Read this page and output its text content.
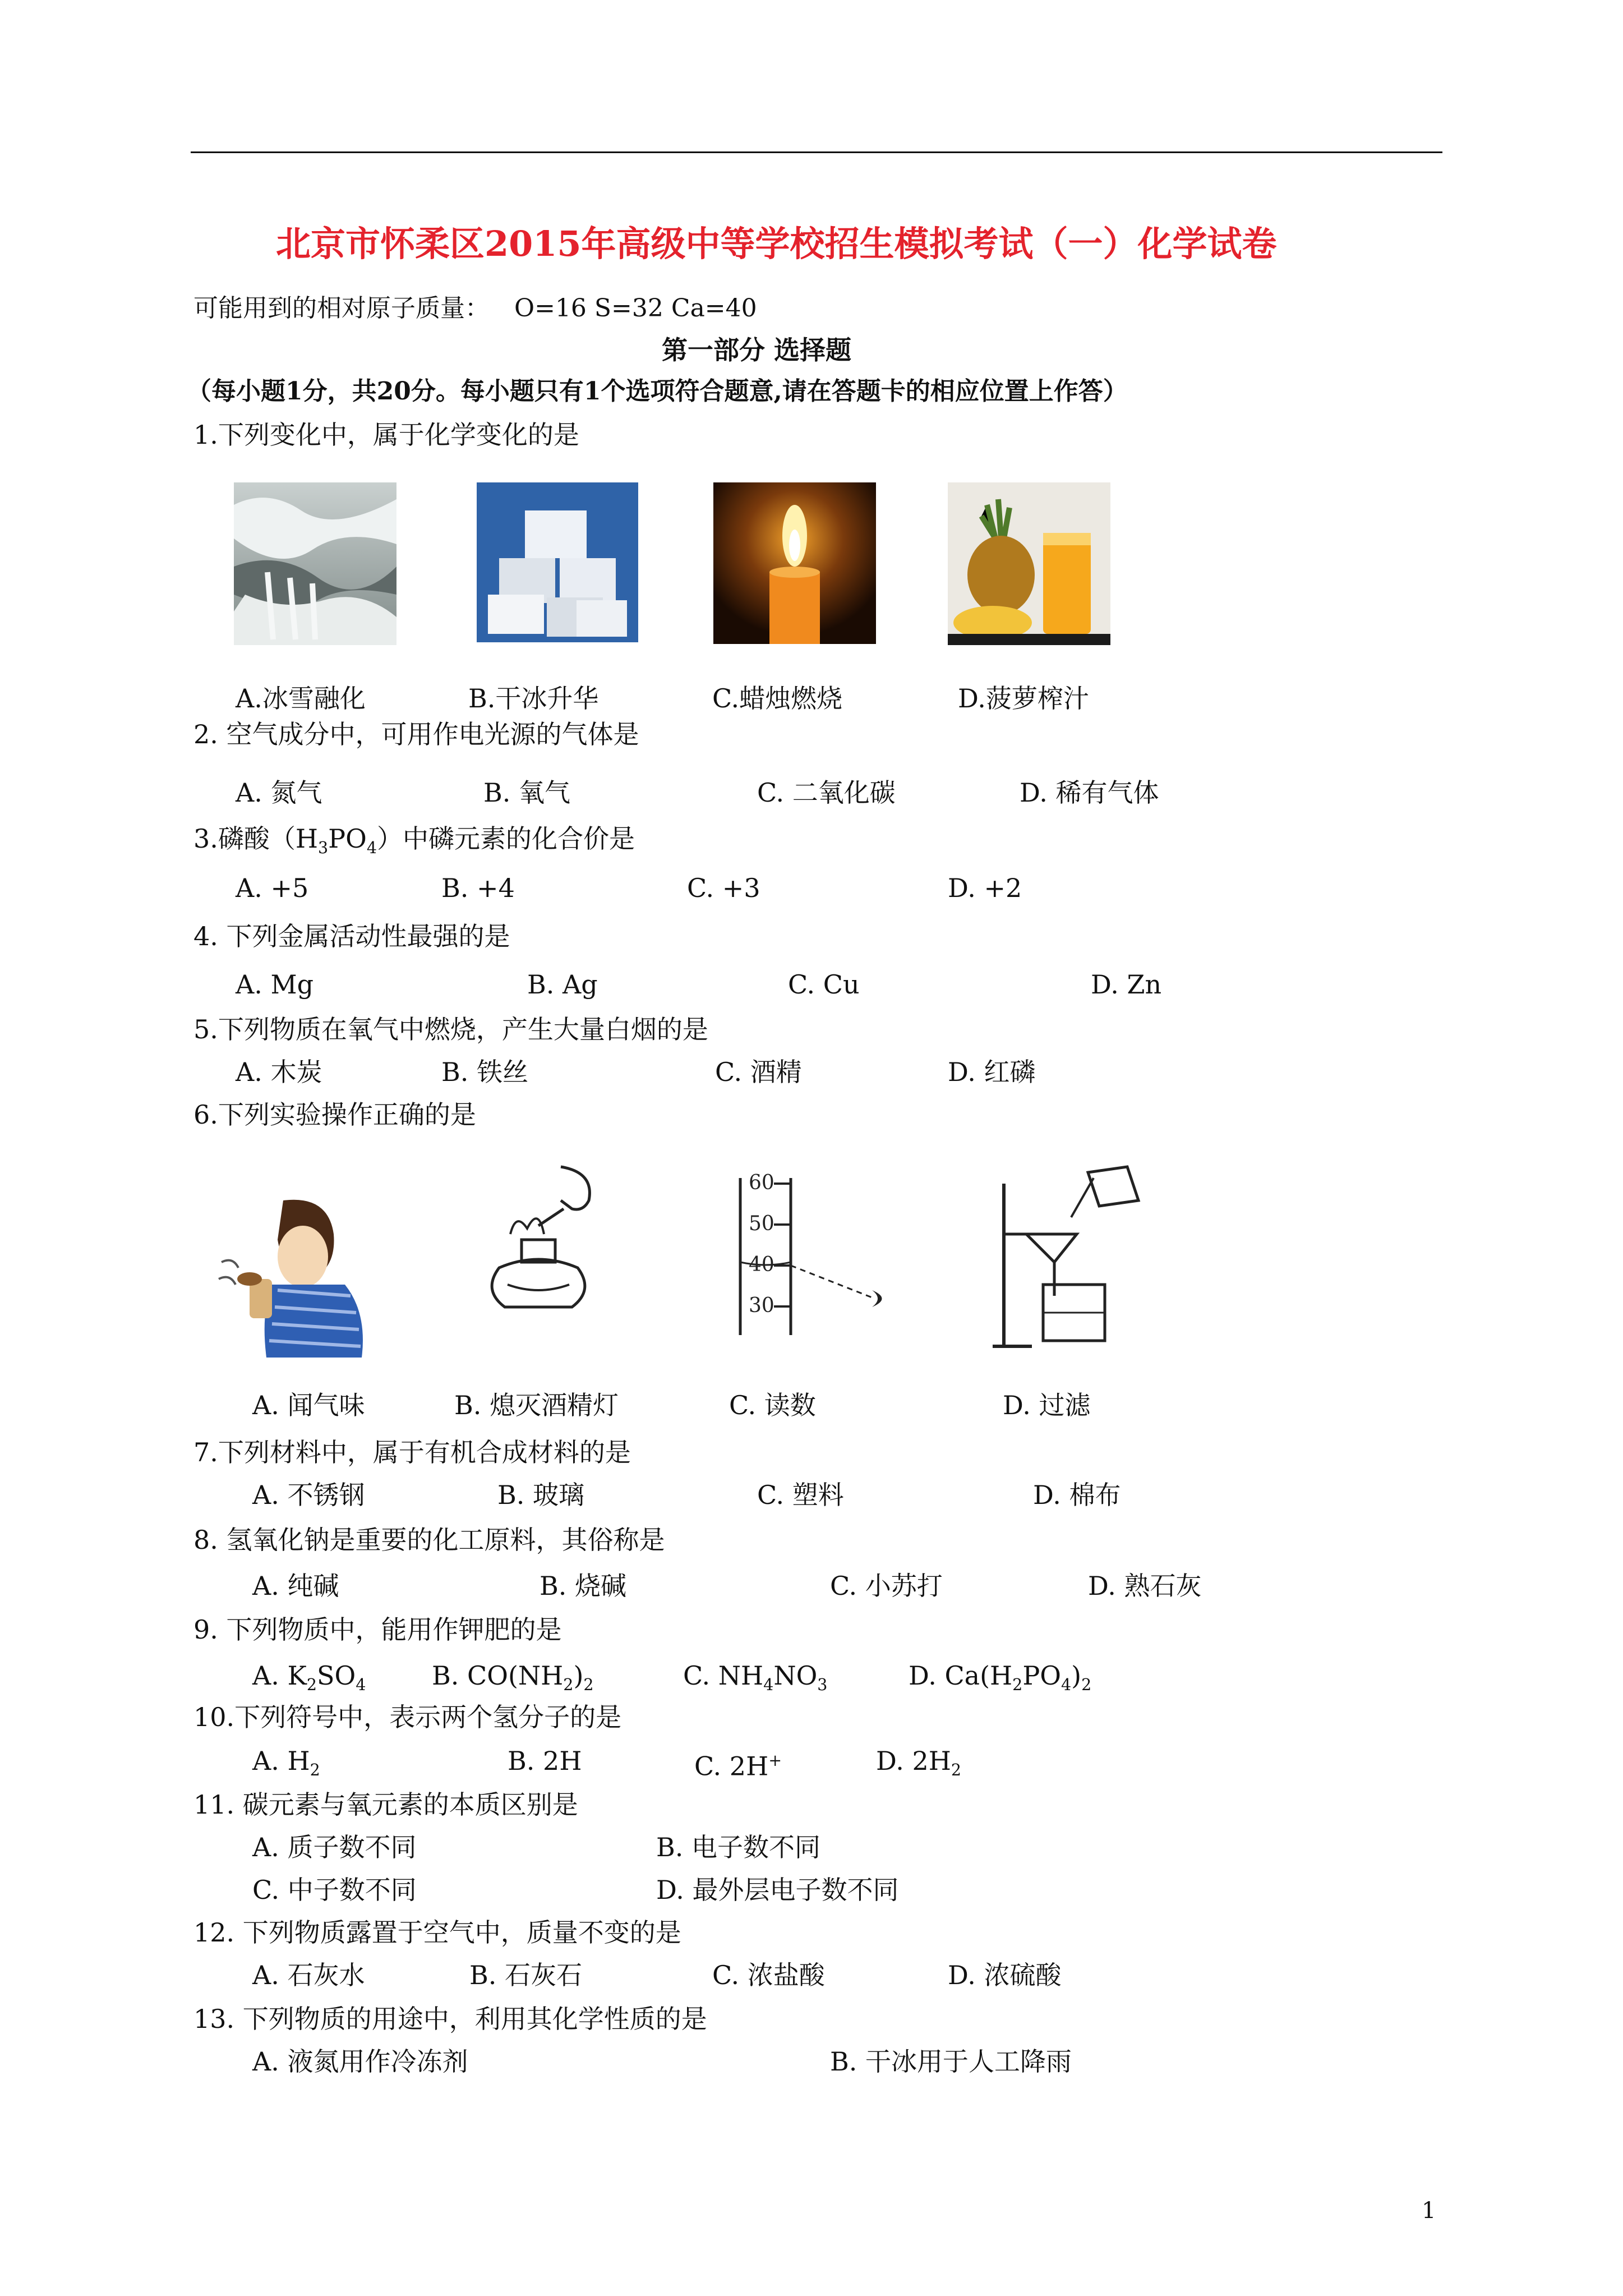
北京市怀柔区2015年高级中等学校招生模拟考试（一）化学试卷
可能用到的相对原子质量： O=16 S=32 Ca=40
第一部分 选择题
（每小题1分，共20分。每小题只有1个选项符合题意,请在答题卡的相应位置上作答）
1.下列变化中，属于化学变化的是
A.冰雪融化	B.干冰升华	C.蜡烛燃烧	D.菠萝榨汁
2. 空气成分中，可用作电光源的气体是
A. 氮气	B. 氧气	C. 二氧化碳	D. 稀有气体
3.磷酸$(H_3PO_4)$中磷元素的化合价是
A. +5	B. +4	C. +3	D. +2
4. 下列金属活动性最强的是
A. Mg	B. Ag	C. Cu	D. Zn
5.下列物质在氧气中燃烧，产生大量白烟的是
A. 木炭	B. 铁丝	C. 酒精	D. 红磷
6.下列实验操作正确的是
60
50
40
30
A. 闻气味	B. 熄灭酒精灯	C. 读数	D. 过滤
7.下列材料中，属于有机合成材料的是
A. 不锈钢	B. 玻璃	C. 塑料	D. 棉布
8. 氢氧化钠是重要的化工原料，其俗称是
A. 纯碱	B. 烧碱	C. 小苏打	D. 熟石灰
9. 下列物质中，能用作钾肥的是
A. $K_2SO_4$	B. $CO(NH_2)_2$	C. $NH_4NO_3$	D. $Ca(H_2PO_4)_2$
10.下列符号中，表示两个氢分子的是
A. $H_2$	B. 2H	C. 2H+	D. $2H_2$
11. 碳元素与氧元素的本质区别是
A. 质子数不同	B. 电子数不同
C. 中子数不同	D. 最外层电子数不同
12. 下列物质露置于空气中，质量不变的是
A. 石灰水	B. 石灰石	C. 浓盐酸	D. 浓硫酸
13. 下列物质的用途中，利用其化学性质的是
A. 液氮用作冷冻剂	B. 干冰用于人工降雨
1
